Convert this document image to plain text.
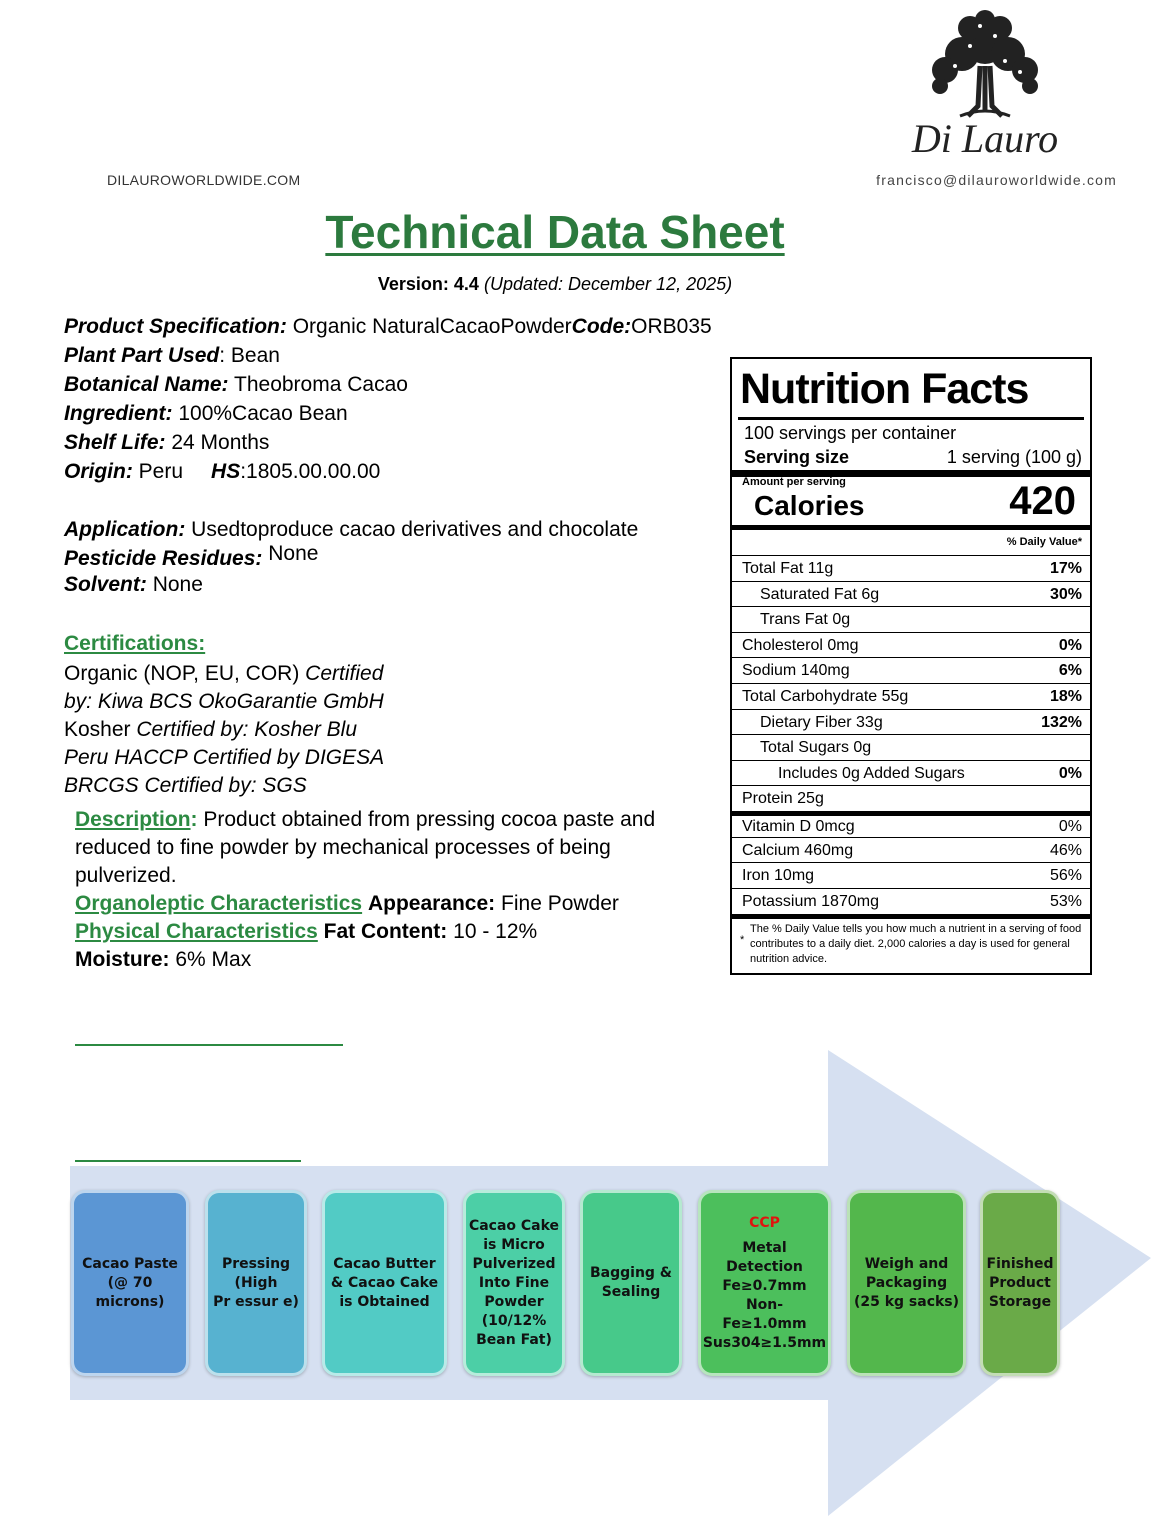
Di Lauro
DILAUROWORLDWIDE.COM	francisco@dilauroworldwide.com
Technical Data Sheet
Version: 4.4 (Updated: December 12, 2025)
Product Specification: Organic NaturalCacaoPowderCode:ORB035
Plant Part Used: Bean
Botanical Name: Theobroma Cacao
Ingredient: 100%Cacao Bean
Shelf Life: 24 Months
Origin: Peru HS:1805.00.00.00
Application: Usedtoproduce cacao derivatives and chocolate
Pesticide Residues: None
Solvent: None
Certifications:
Organic (NOP, EU, COR) Certified
by: Kiwa BCS OkoGarantie GmbH
Kosher Certified by: Kosher Blu
Peru HACCP Certified by DIGESA
BRCGS Certified by: SGS
Description: Product obtained from pressing cocoa paste and reduced to fine powder by mechanical processes of being pulverized.
Organoleptic Characteristics Appearance: Fine Powder
Physical Characteristics Fat Content: 10 - 12%
Moisture: 6% Max
Nutrition Facts
100 servings per container
Serving size	1 serving (100 g)
Amount per serving
Calories	420
% Daily Value*
Total Fat 11g	17%
Saturated Fat 6g	30%
Trans Fat 0g
Cholesterol 0mg	0%
Sodium 140mg	6%
Total Carbohydrate 55g	18%
Dietary Fiber 33g	132%
Total Sugars 0g
Includes 0g Added Sugars	0%
Protein 25g
Vitamin D 0mcg	0%
Calcium 460mg	46%
Iron 10mg	56%
Potassium 1870mg	53%
*
The % Daily Value tells you how much a nutrient in a serving of food contributes to a daily diet. 2,000 calories a day is used for general nutrition advice.
Cacao Paste
(@ 70
microns)
Pressing
(High
Pr essur e)
Cacao Butter
& Cacao Cake
is Obtained
Cacao Cake
is Micro
Pulverized
Into Fine
Powder
(10/12%
Bean Fat)
Bagging &
Sealing
CCP
Metal
Detection
Fe≥0.7mm
Non-
Fe≥1.0mm
Sus304≥1.5mm
Weigh and
Packaging
(25 kg sacks)
Finished
Product
Storage
